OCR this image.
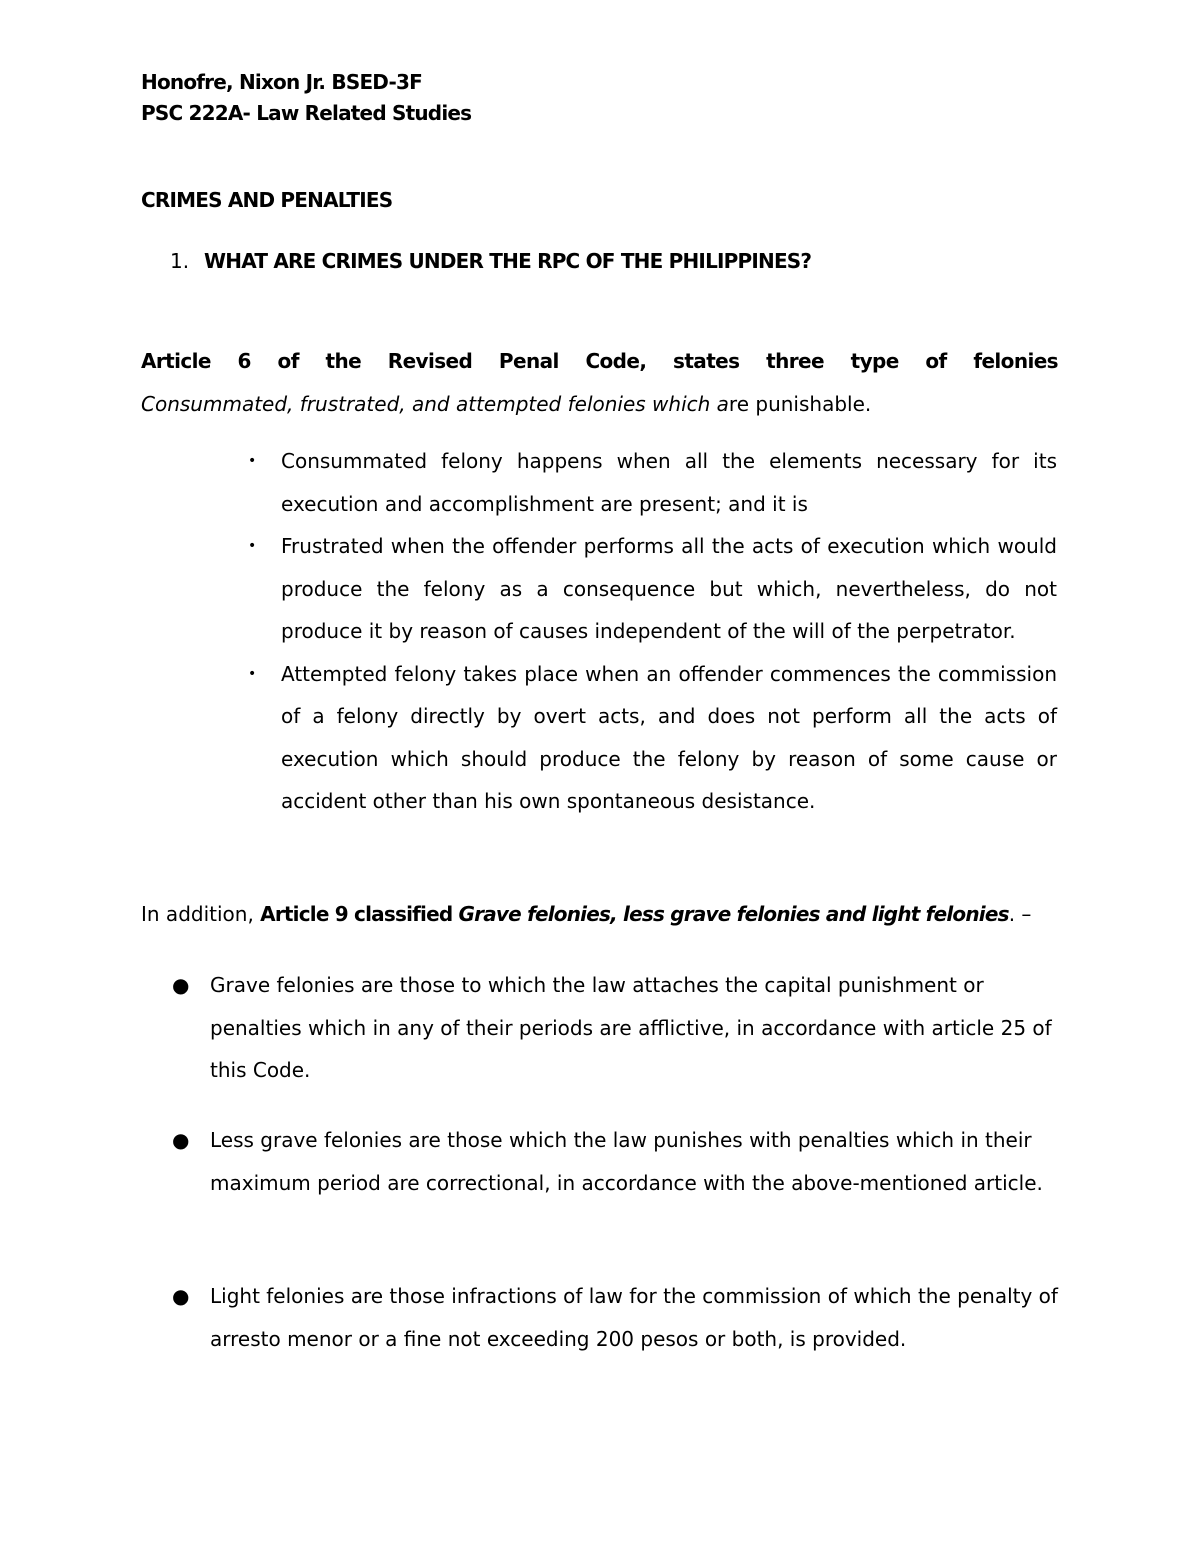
Honofre, Nixon Jr. BSED-3F
PSC 222A- Law Related Studies
CRIMES AND PENALTIES
1. WHAT ARE CRIMES UNDER THE RPC OF THE PHILIPPINES?
Article 6 of the Revised Penal Code, states three type of felonies Consummated, frustrated, and attempted felonies which are punishable.
• Consummated felony happens when all the elements necessary for its execution and accomplishment are present; and it is
• Frustrated when the offender performs all the acts of execution which would produce the felony as a consequence but which, nevertheless, do not produce it by reason of causes independent of the will of the perpetrator.
• Attempted felony takes place when an offender commences the commission of a felony directly by overt acts, and does not perform all the acts of execution which should produce the felony by reason of some cause or accident other than his own spontaneous desistance.
In addition, Article 9 classified Grave felonies, less grave felonies and light felonies. –
● Grave felonies are those to which the law attaches the capital punishment or penalties which in any of their periods are afflictive, in accordance with article 25 of this Code.
● Less grave felonies are those which the law punishes with penalties which in their maximum period are correctional, in accordance with the above-mentioned article.
● Light felonies are those infractions of law for the commission of which the penalty of arresto menor or a fine not exceeding 200 pesos or both, is provided.
